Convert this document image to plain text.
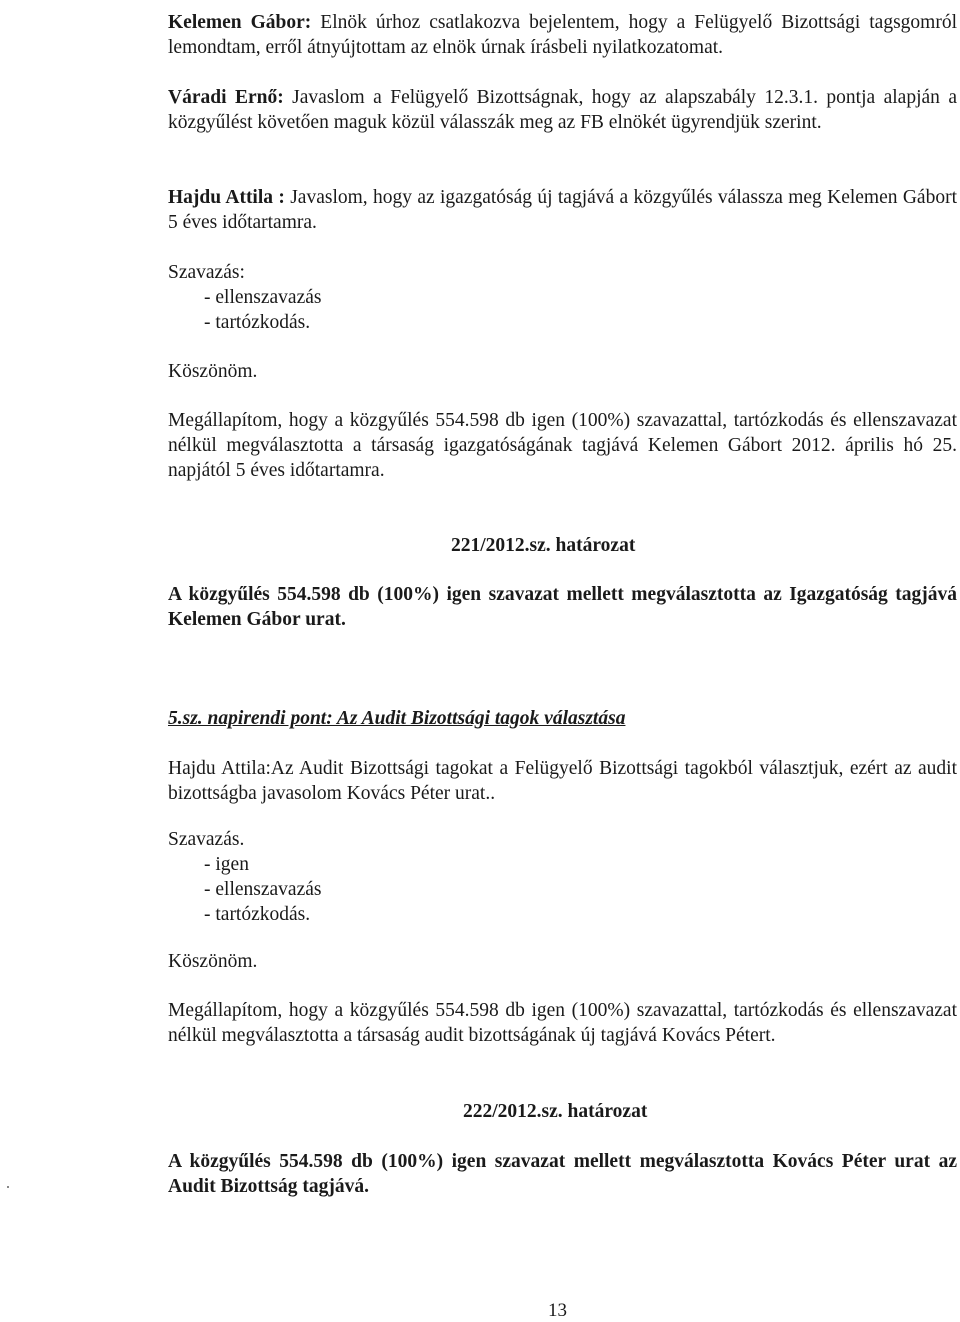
Kelemen Gábor: Elnök úrhoz csatlakozva bejelentem, hogy a Felügyelő Bizottsági tagsgomról lemondtam, erről átnyújtottam az elnök úrnak írásbeli nyilatkozatomat.
Váradi Ernő: Javaslom a Felügyelő Bizottságnak, hogy az alapszabály 12.3.1. pontja alapján a közgyűlést követően maguk közül válasszák meg az FB elnökét ügyrendjük szerint.
Hajdu Attila : Javaslom, hogy az igazgatóság új tagjává a közgyűlés válassza meg Kelemen Gábort 5 éves időtartamra.
Szavazás:
- ellenszavazás
- tartózkodás.
Köszönöm.
Megállapítom, hogy a közgyűlés 554.598 db igen (100%) szavazattal, tartózkodás és ellenszavazat nélkül megválasztotta a társaság igazgatóságának tagjává Kelemen Gábort 2012. április hó 25. napjától 5 éves időtartamra.
221/2012.sz. határozat
A közgyűlés 554.598 db (100%) igen szavazat mellett megválasztotta az Igazgatóság tagjává Kelemen Gábor urat.
5.sz. napirendi pont: Az Audit Bizottsági tagok választása
Hajdu Attila:Az Audit Bizottsági tagokat a Felügyelő Bizottsági tagokból választjuk, ezért az audit bizottságba javasolom Kovács Péter urat..
Szavazás.
- igen
- ellenszavazás
- tartózkodás.
Köszönöm.
Megállapítom, hogy a közgyűlés 554.598 db igen (100%) szavazattal, tartózkodás és ellenszavazat nélkül megválasztotta a társaság audit bizottságának új tagjává Kovács Pétert.
222/2012.sz. határozat
A közgyűlés 554.598 db (100%) igen szavazat mellett megválasztotta Kovács Péter urat az Audit Bizottság tagjává.
13
